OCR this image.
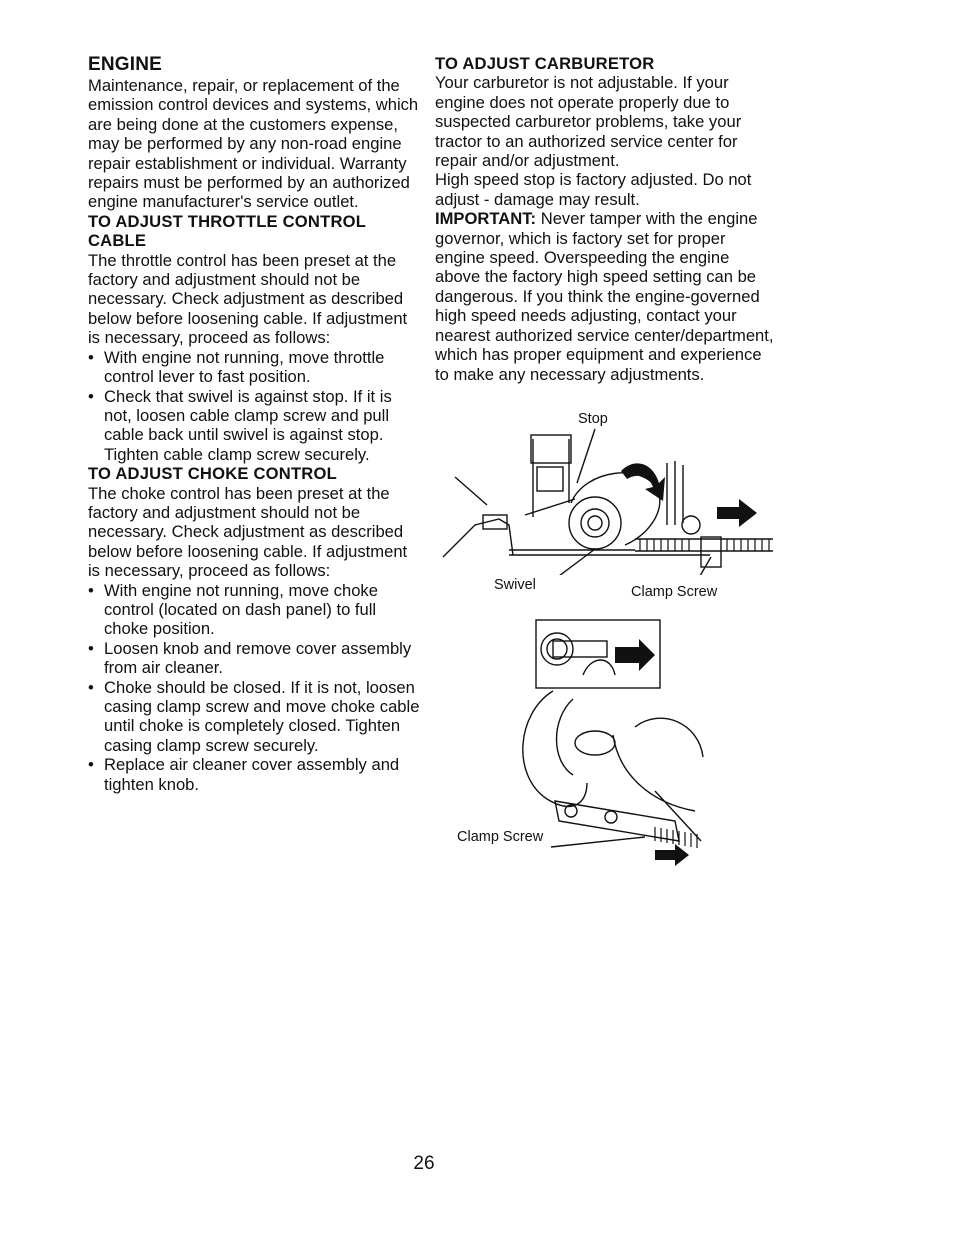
ENGINE

Maintenance, repair, or replacement of the emission control devices and systems, which are being done at the customers expense, may be performed by any non-road engine repair establishment or individual. Warranty repairs must be performed by an authorized engine manufacturer's service outlet.

TO ADJUST THROTTLE CONTROL CABLE

The throttle control has been preset at the factory and adjustment should not be necessary. Check adjustment as described below before loosening cable. If adjustment is necessary, proceed as follows:

• With engine not running, move throttle control lever to fast position.
• Check that swivel is against stop. If it is not, loosen cable clamp screw and pull cable back until swivel is against stop. Tighten cable clamp screw securely.
TO ADJUST CHOKE CONTROL

The choke control has been preset at the factory and adjustment should not be necessary. Check adjustment as described below before loosening cable. If adjustment is necessary, proceed as follows:

• With engine not running, move choke control (located on dash panel) to full choke position.
• Loosen knob and remove cover assembly from air cleaner.
• Choke should be closed. If it is not, loosen casing clamp screw and move choke cable until choke is completely closed. Tighten casing clamp screw securely.
• Replace air cleaner cover assembly and tighten knob.
TO ADJUST CARBURETOR

Your carburetor is not adjustable. If your engine does not operate properly due to suspected carburetor problems, take your tractor to an authorized service center for repair and/or adjustment.

High speed stop is factory adjusted. Do not adjust - damage may result.

IMPORTANT: Never tamper with the engine governor, which is factory set for proper engine speed. Overspeeding the engine above the factory high speed setting can be dangerous. If you think the engine-governed high speed needs adjusting, contact your nearest authorized service center/department, which has proper equipment and experience to make any necessary adjustments.

Stop
Swivel	Clamp Screw
Clamp Screw
26
